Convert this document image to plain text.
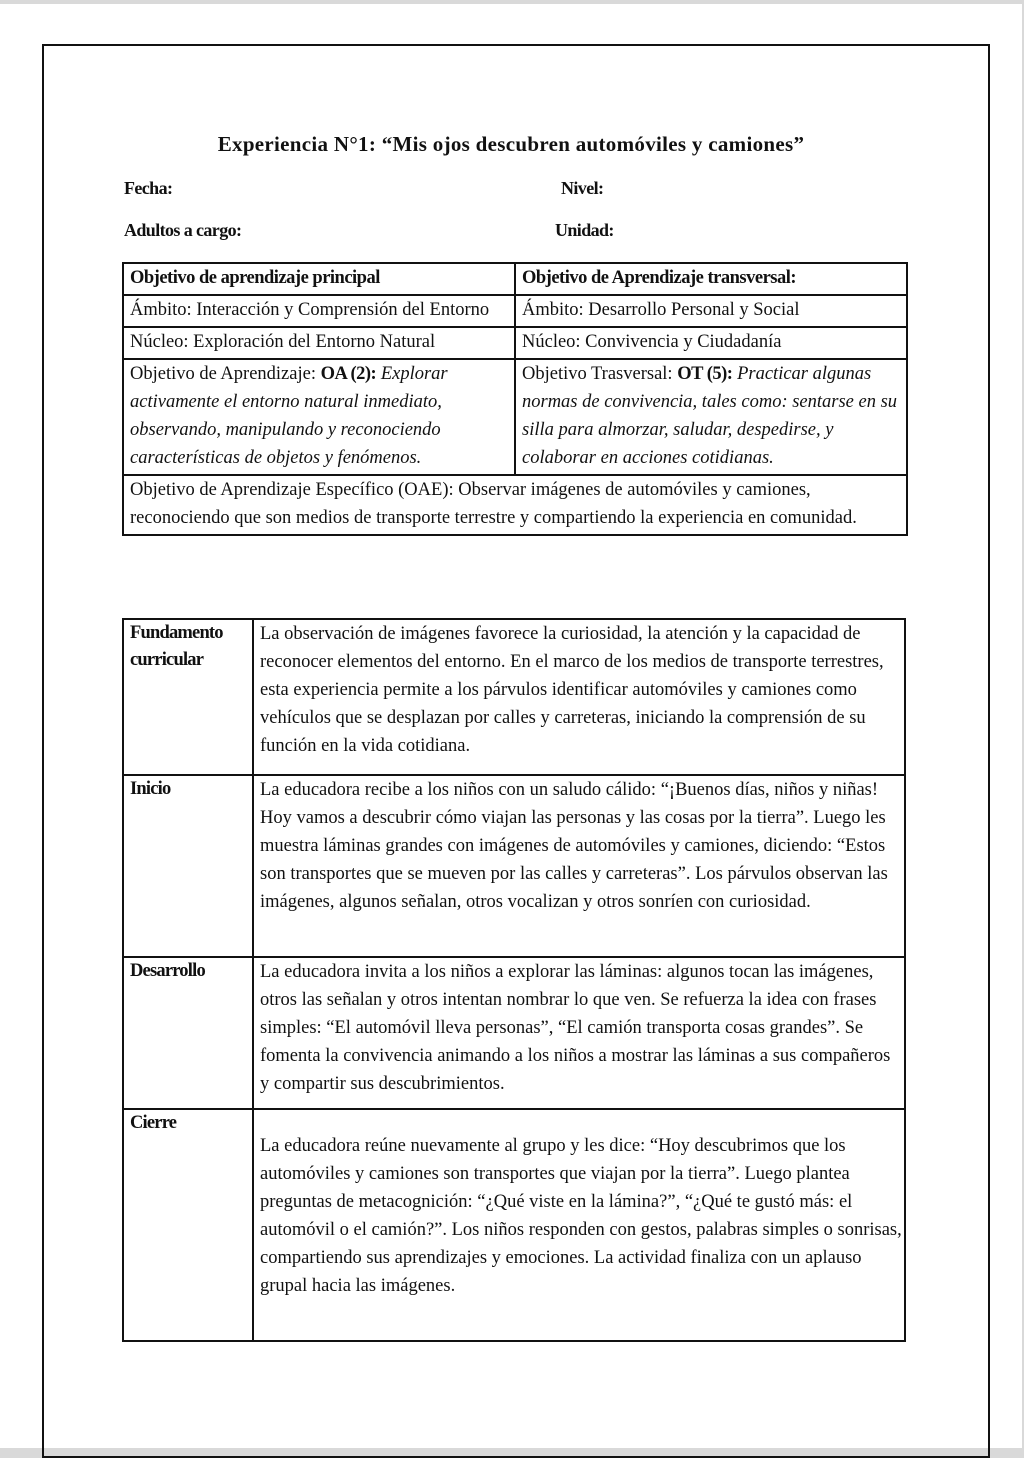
Experiencia N°1: “Mis ojos descubren automóviles y camiones”
Fecha:	Nivel:
Adultos a cargo:	Unidad:
Objetivo de aprendizaje principal	Objetivo de Aprendizaje transversal:
Ámbito: Interacción y Comprensión del Entorno	Ámbito: Desarrollo Personal y Social
Núcleo: Exploración del Entorno Natural	Núcleo: Convivencia y Ciudadanía
Objetivo de Aprendizaje: OA (2): Explorar activamente el entorno natural inmediato, observando, manipulando y reconociendo características de objetos y fenómenos.	Objetivo Trasversal: OT (5): Practicar algunas normas de convivencia, tales como: sentarse en su silla para almorzar, saludar, despedirse, y colaborar en acciones cotidianas.
Objetivo de Aprendizaje Específico (OAE): Observar imágenes de automóviles y camiones, reconociendo que son medios de transporte terrestre y compartiendo la experiencia en comunidad.	
Fundamento curricular	La observación de imágenes favorece la curiosidad, la atención y la capacidad de reconocer elementos del entorno. En el marco de los medios de transporte terrestres, esta experiencia permite a los párvulos identificar automóviles y camiones como vehículos que se desplazan por calles y carreteras, iniciando la comprensión de su función en la vida cotidiana.
Inicio	La educadora recibe a los niños con un saludo cálido: “¡Buenos días, niños y niñas! Hoy vamos a descubrir cómo viajan las personas y las cosas por la tierra”. Luego les muestra láminas grandes con imágenes de automóviles y camiones, diciendo: “Estos son transportes que se mueven por las calles y carreteras”. Los párvulos observan las imágenes, algunos señalan, otros vocalizan y otros sonríen con curiosidad.
Desarrollo	La educadora invita a los niños a explorar las láminas: algunos tocan las imágenes, otros las señalan y otros intentan nombrar lo que ven. Se refuerza la idea con frases simples: “El automóvil lleva personas”, “El camión transporta cosas grandes”. Se fomenta la convivencia animando a los niños a mostrar las láminas a sus compañeros y compartir sus descubrimientos.
Cierre	La educadora reúne nuevamente al grupo y les dice: “Hoy descubrimos que los automóviles y camiones son transportes que viajan por la tierra”. Luego plantea preguntas de metacognición: “¿Qué viste en la lámina?”, “¿Qué te gustó más: el automóvil o el camión?”. Los niños responden con gestos, palabras simples o sonrisas, compartiendo sus aprendizajes y emociones. La actividad finaliza con un aplauso grupal hacia las imágenes.
